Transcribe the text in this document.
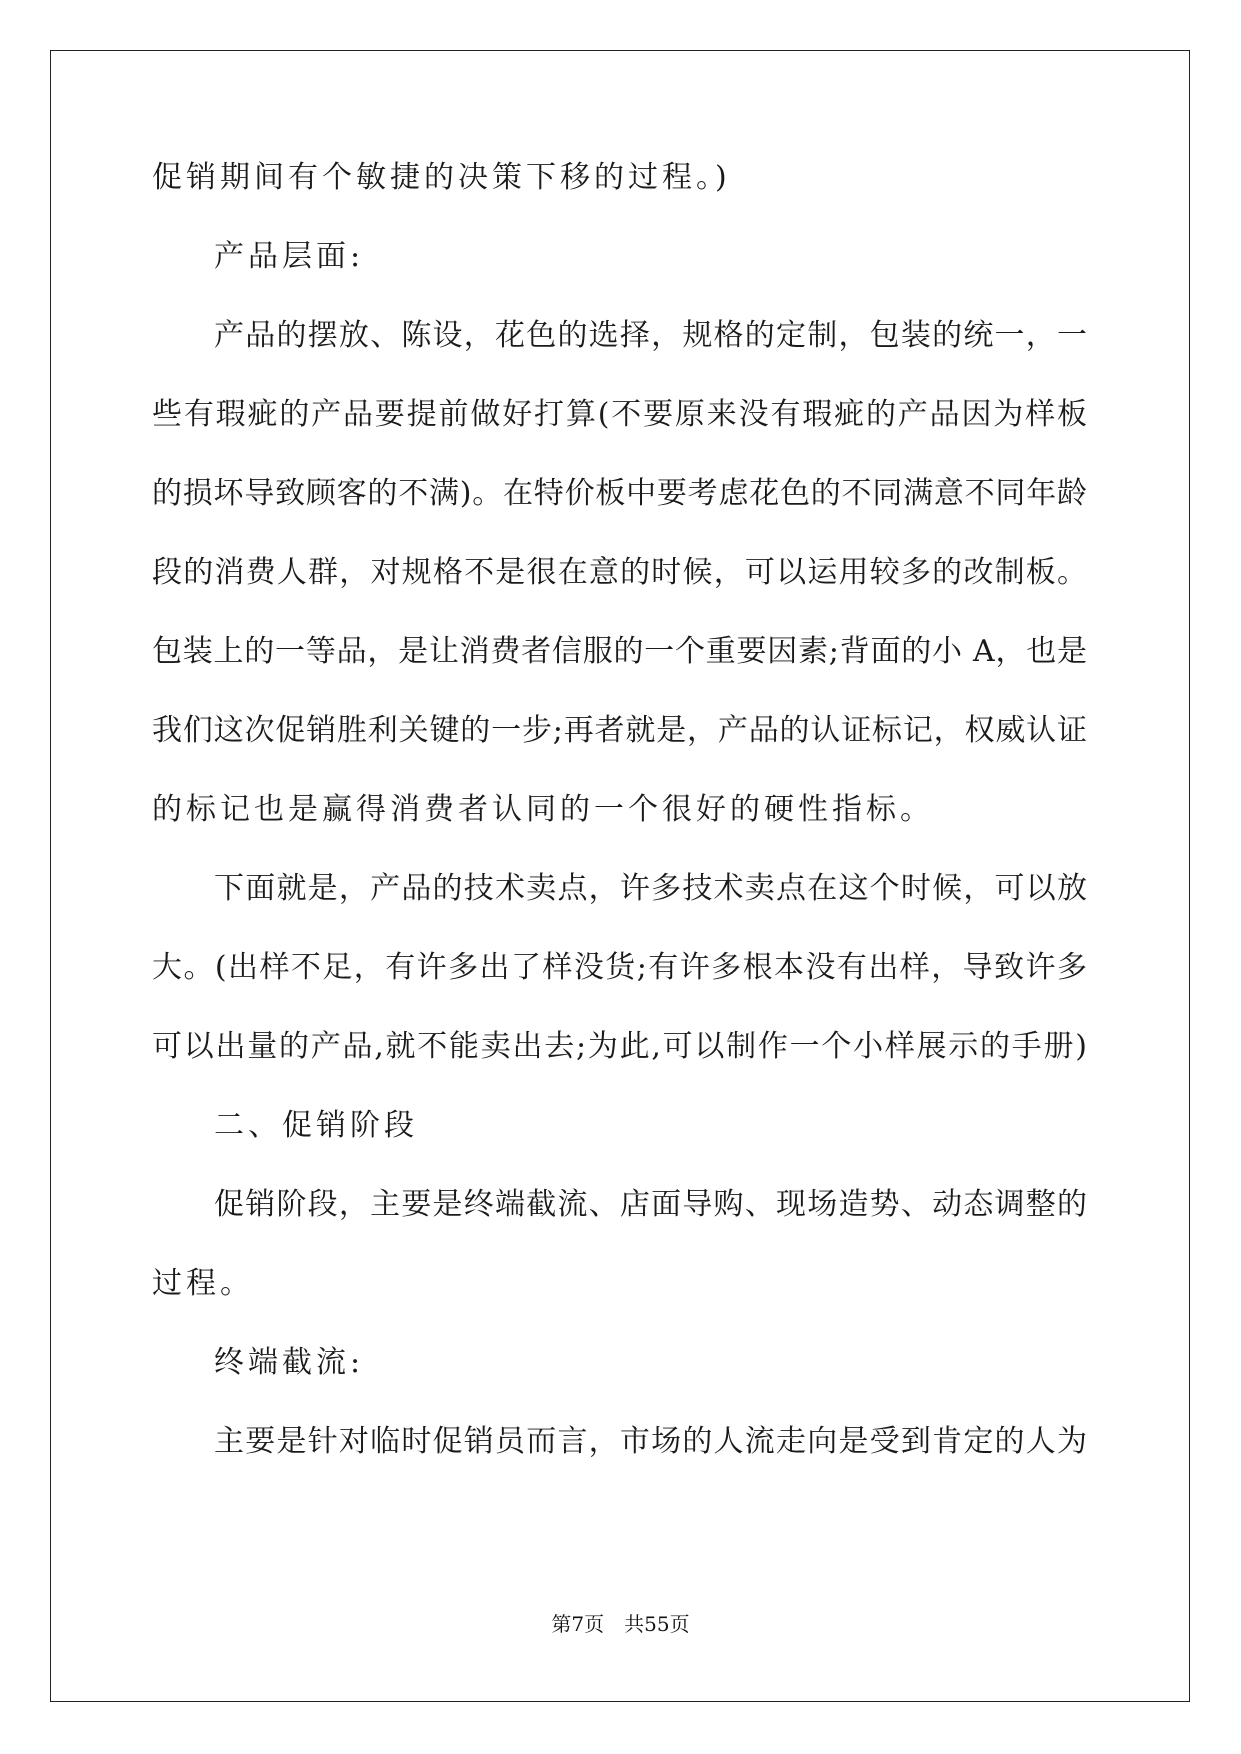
促销期间有个敏捷的决策下移的过程。)
产品层面:
产品的摆放、陈设，花色的选择，规格的定制，包装的统一，一
些有瑕疵的产品要提前做好打算(不要原来没有瑕疵的产品因为样板
的损坏导致顾客的不满)。在特价板中要考虑花色的不同满意不同年龄
段的消费人群，对规格不是很在意的时候，可以运用较多的改制板。
包装上的一等品，是让消费者信服的一个重要因素;背面的小 A，也是
我们这次促销胜利关键的一步;再者就是，产品的认证标记，权威认证
的标记也是赢得消费者认同的一个很好的硬性指标。
下面就是，产品的技术卖点，许多技术卖点在这个时候，可以放
大。(出样不足，有许多出了样没货;有许多根本没有出样，导致许多
可以出量的产品,就不能卖出去;为此,可以制作一个小样展示的手册)
二、促销阶段
促销阶段，主要是终端截流、店面导购、现场造势、动态调整的
过程。
终端截流:
主要是针对临时促销员而言，市场的人流走向是受到肯定的人为
第7页　共55页
